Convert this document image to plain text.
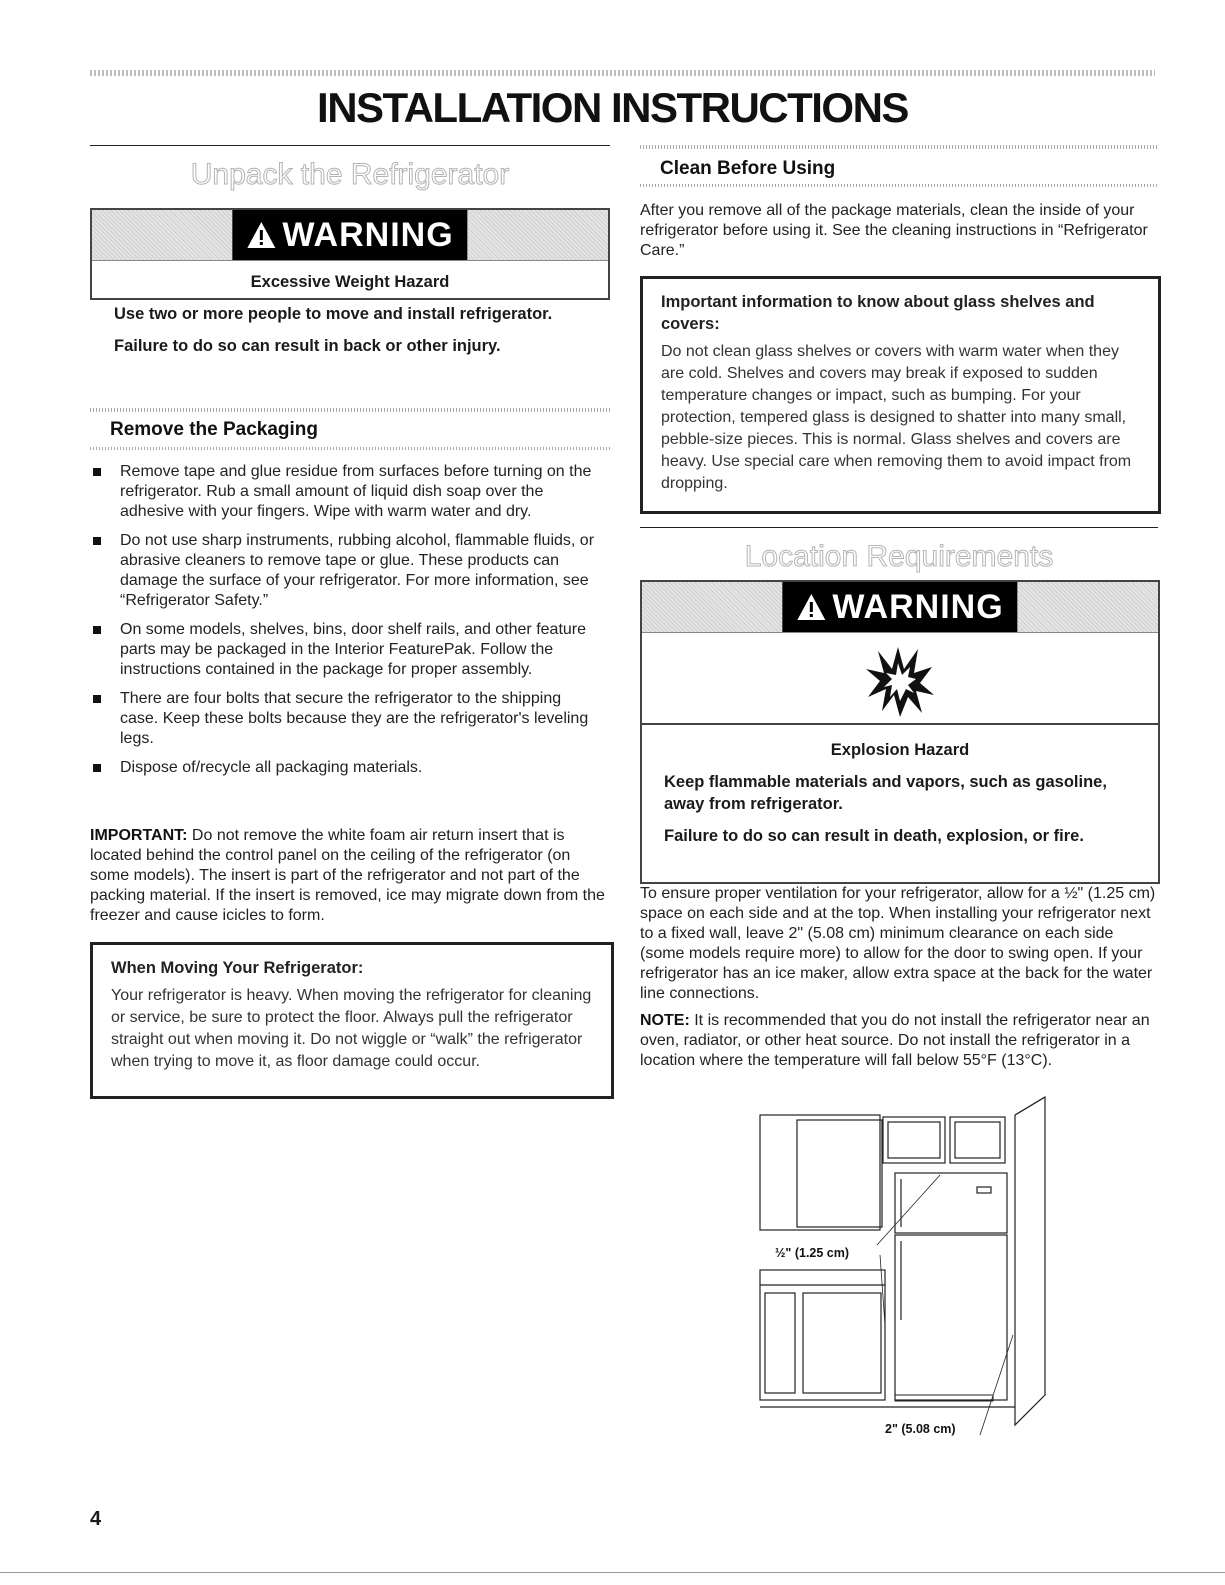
INSTALLATION INSTRUCTIONS
Unpack the Refrigerator
WARNING
Excessive Weight Hazard

Use two or more people to move and install refrigerator.

Failure to do so can result in back or other injury.

Remove the Packaging
Remove tape and glue residue from surfaces before turning on the refrigerator. Rub a small amount of liquid dish soap over the adhesive with your fingers. Wipe with warm water and dry.
Do not use sharp instruments, rubbing alcohol, flammable fluids, or abrasive cleaners to remove tape or glue. These products can damage the surface of your refrigerator. For more information, see “Refrigerator Safety.”
On some models, shelves, bins, door shelf rails, and other feature parts may be packaged in the Interior FeaturePak. Follow the instructions contained in the package for proper assembly.
There are four bolts that secure the refrigerator to the shipping case. Keep these bolts because they are the refrigerator's leveling legs.
Dispose of/recycle all packaging materials.

IMPORTANT: Do not remove the white foam air return insert that is located behind the control panel on the ceiling of the refrigerator (on some models). The insert is part of the refrigerator and not part of the packing material. If the insert is removed, ice may migrate down from the freezer and cause icicles to form.

When Moving Your Refrigerator:
Your refrigerator is heavy. When moving the refrigerator for cleaning or service, be sure to protect the floor. Always pull the refrigerator straight out when moving it. Do not wiggle or “walk” the refrigerator when trying to move it, as floor damage could occur.
Clean Before Using

After you remove all of the package materials, clean the inside of your refrigerator before using it. See the cleaning instructions in “Refrigerator Care.”

Important information to know about glass shelves and covers:
Do not clean glass shelves or covers with warm water when they are cold. Shelves and covers may break if exposed to sudden temperature changes or impact, such as bumping. For your protection, tempered glass is designed to shatter into many small, pebble-size pieces. This is normal. Glass shelves and covers are heavy. Use special care when removing them to avoid impact from dropping.
Location Requirements
WARNING
Explosion Hazard

Keep flammable materials and vapors, such as gasoline, away from refrigerator.

Failure to do so can result in death, explosion, or fire.

To ensure proper ventilation for your refrigerator, allow for a ½" (1.25 cm) space on each side and at the top. When installing your refrigerator next to a fixed wall, leave 2" (5.08 cm) minimum clearance on each side (some models require more) to allow for the door to swing open. If your refrigerator has an ice maker, allow extra space at the back for the water line connections.

NOTE: It is recommended that you do not install the refrigerator near an oven, radiator, or other heat source. Do not install the refrigerator in a location where the temperature will fall below 55°F (13°C).

½" (1.25 cm)
2" (5.08 cm)
4
